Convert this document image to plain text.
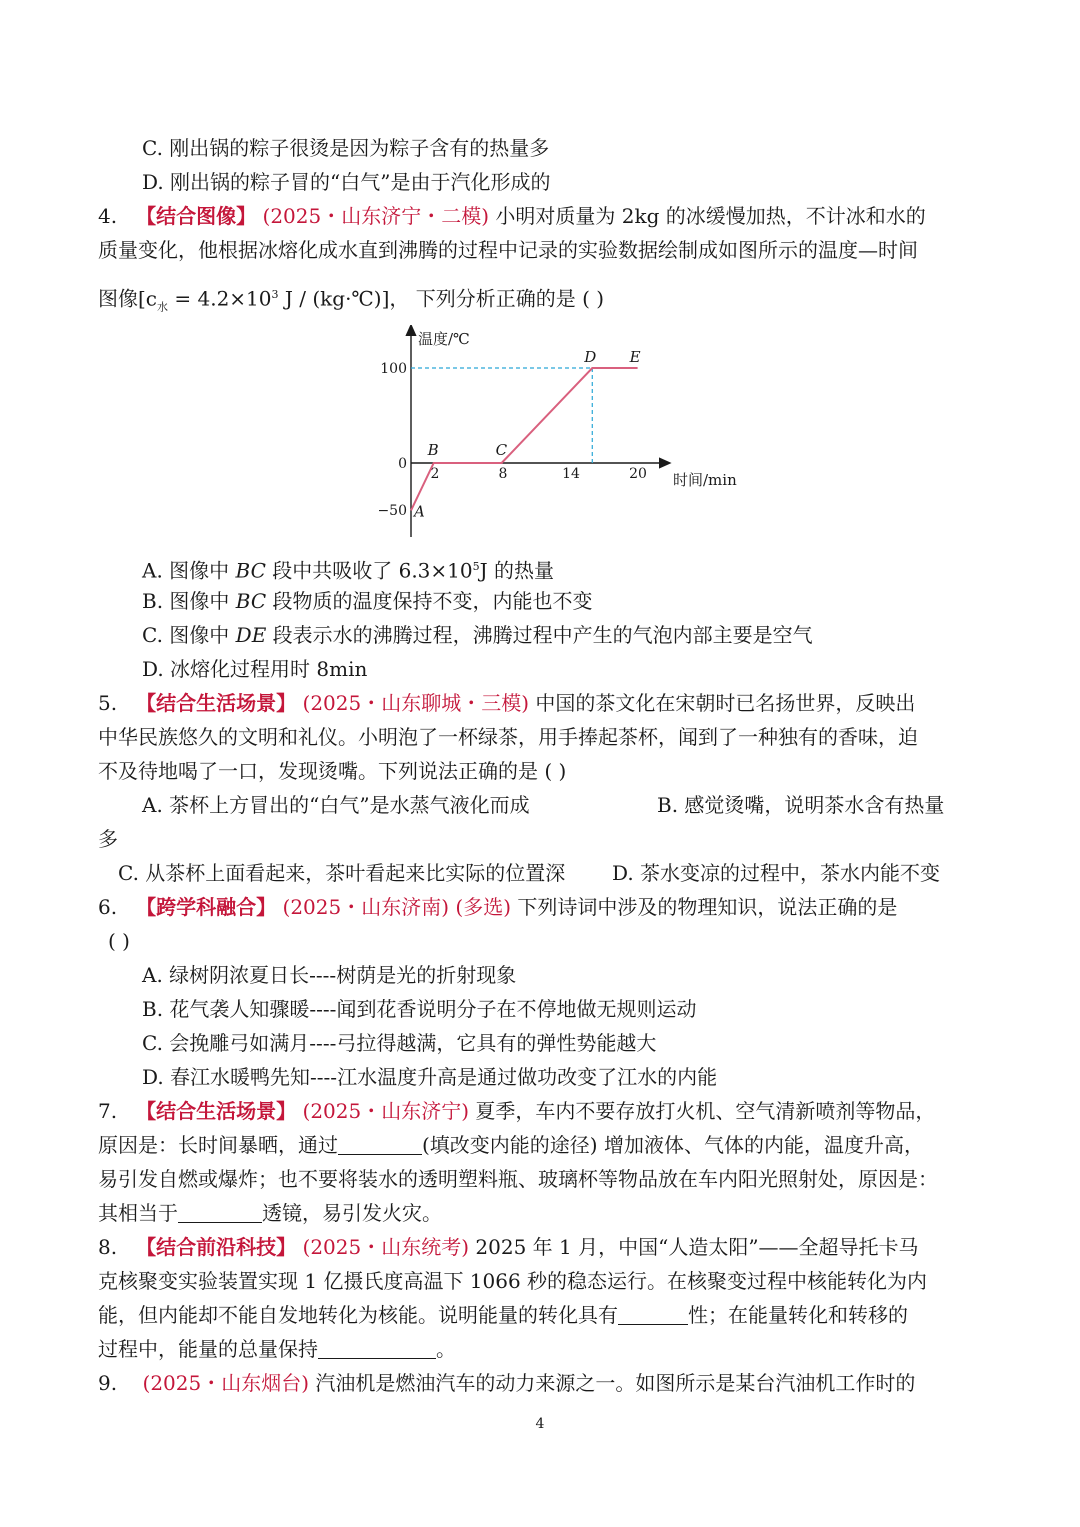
C. 刚出锅的粽子很烫是因为粽子含有的热量多
D. 刚出锅的粽子冒的“白气”是由于汽化形成的
4. 【结合图像】 (2025・山东济宁・二模) 小明对质量为 2kg 的冰缓慢加热，不计冰和水的
质量变化，他根据冰熔化成水直到沸腾的过程中记录的实验数据绘制成如图所示的温度—时间
图像[$c_水 = 4.2\times 10^3$ J / (kg·℃)]， 下列分析正确的是 ( )
温度/℃
时间/min
100
0
−50
2	8	14	20
A
B	C
D E
A. 图像中 BC 段中共吸收了 $6.3\times 10^5J$ 的热量
B. 图像中 BC 段物质的温度保持不变，内能也不变
C. 图像中 DE 段表示水的沸腾过程，沸腾过程中产生的气泡内部主要是空气
D. 冰熔化过程用时 8min
5. 【结合生活场景】 (2025・山东聊城・三模) 中国的茶文化在宋朝时已名扬世界，反映出
中华民族悠久的文明和礼仪。小明泡了一杯绿茶，用手捧起茶杯，闻到了一种独有的香味，迫
不及待地喝了一口，发现烫嘴。下列说法正确的是 ( )
A. 茶杯上方冒出的“白气”是水蒸气液化而成	B. 感觉烫嘴，说明茶水含有热量
多
C. 从茶杯上面看起来，茶叶看起来比实际的位置深 D. 茶水变凉的过程中，茶水内能不变
6. 【跨学科融合】 (2025・山东济南) (多选) 下列诗词中涉及的物理知识，说法正确的是
( )
A. 绿树阴浓夏日长----树荫是光的折射现象
B. 花气袭人知骤暖----闻到花香说明分子在不停地做无规则运动
C. 会挽雕弓如满月----弓拉得越满，它具有的弹性势能越大
D. 春江水暖鸭先知----江水温度升高是通过做功改变了江水的内能
7. 【结合生活场景】 (2025・山东济宁) 夏季，车内不要存放打火机、空气清新喷剂等物品，
原因是：长时间暴晒，通过	(填改变内能的途径) 增加液体、气体的内能，温度升高，
易引发自燃或爆炸；也不要将装水的透明塑料瓶、玻璃杯等物品放在车内阳光照射处，原因是：
其相当于	透镜，易引发火灾。
8. 【结合前沿科技】 (2025・山东统考) 2025 年 1 月，中国“人造太阳”——全超导托卡马
克核聚变实验装置实现 1 亿摄氏度高温下 1066 秒的稳态运行。在核聚变过程中核能转化为内
能，但内能却不能自发地转化为核能。说明能量的转化具有	性；在能量转化和转移的
过程中，能量的总量保持	。
9. (2025・山东烟台) 汽油机是燃油汽车的动力来源之一。如图所示是某台汽油机工作时的
4
